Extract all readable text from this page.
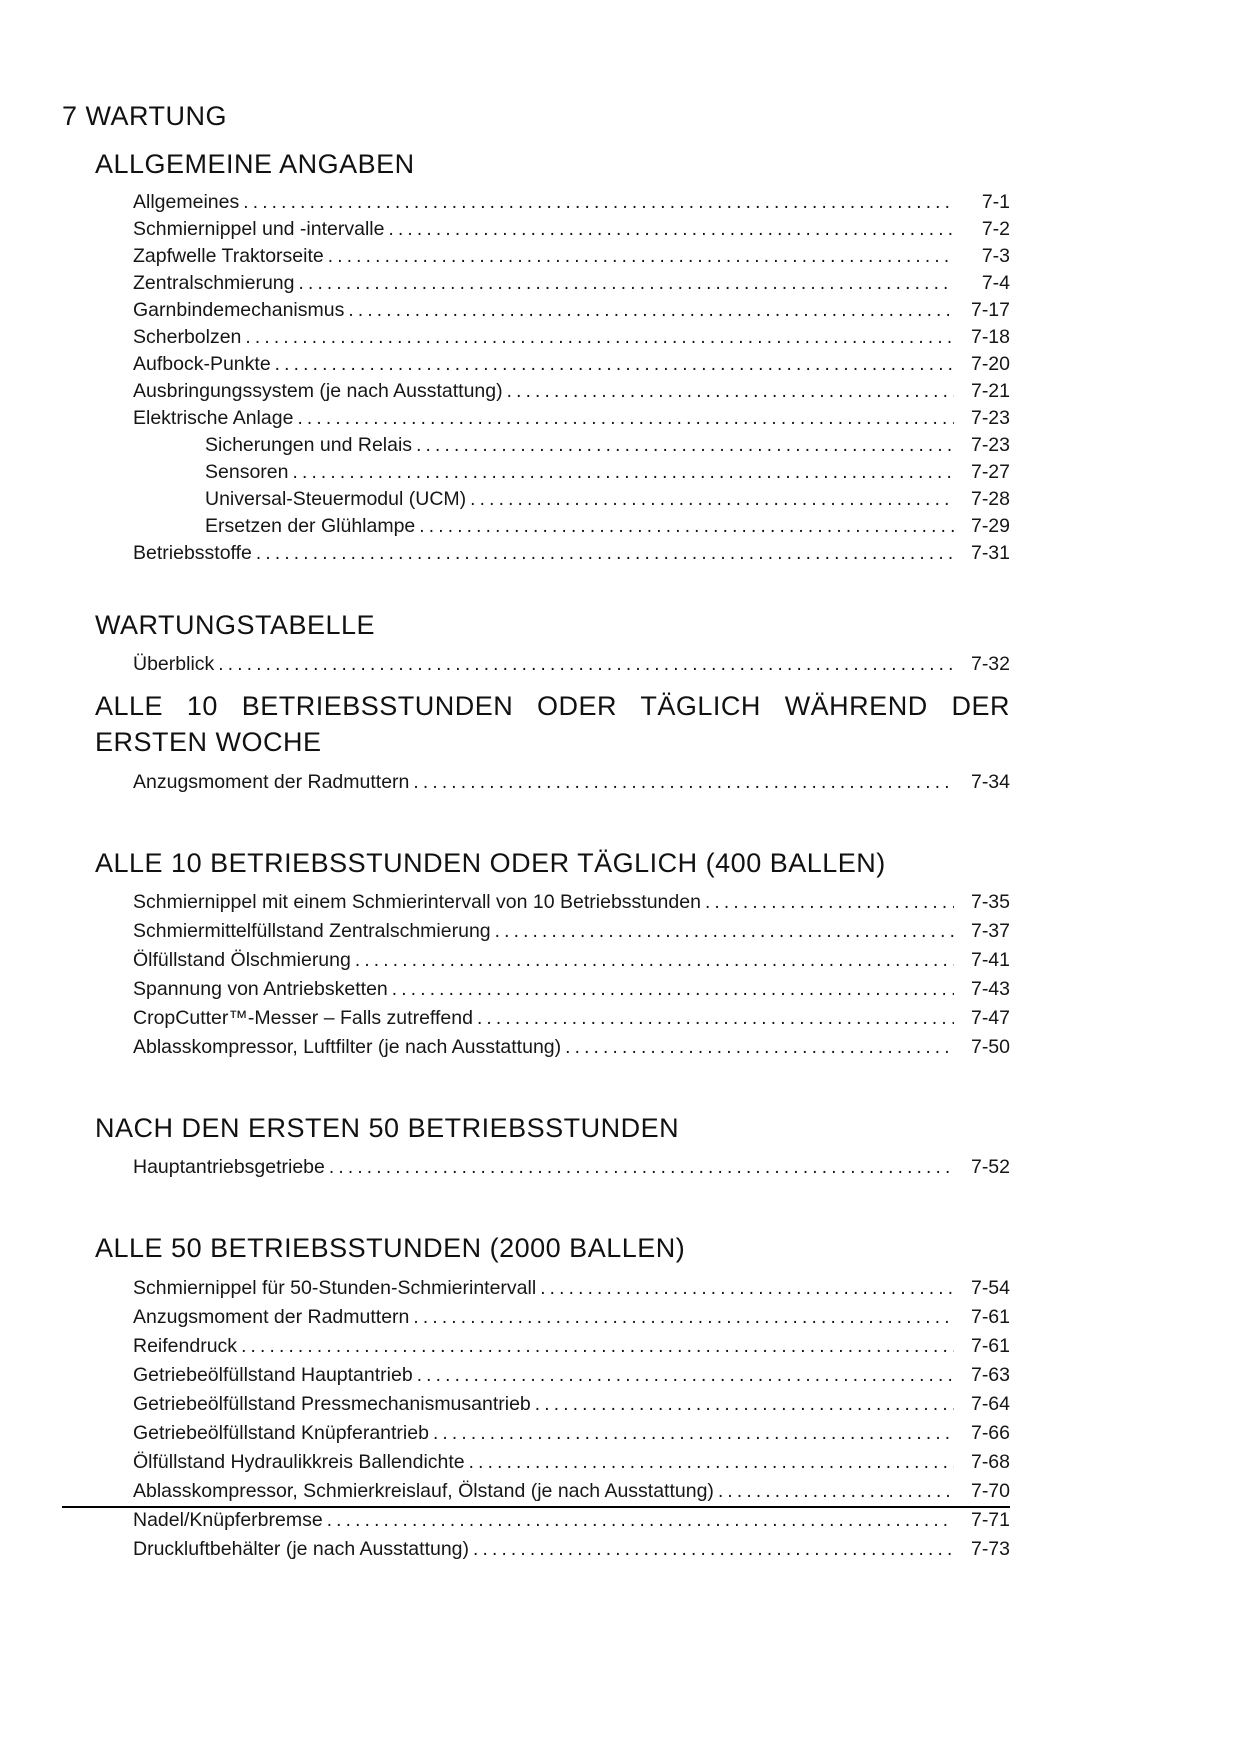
7 WARTUNG
ALLGEMEINE ANGABEN
Allgemeines .....	7-1
Schmiernippel und -intervalle .....	7-2
Zapfwelle Traktorseite .....	7-3
Zentralschmierung .....	7-4
Garnbindemechanismus .....	7-17
Scherbolzen .....	7-18
Aufbock-Punkte .....	7-20
Ausbringungssystem (je nach Ausstattung) .....	7-21
Elektrische Anlage .....	7-23
Sicherungen und Relais .....	7-23
Sensoren .....	7-27
Universal-Steuermodul (UCM) .....	7-28
Ersetzen der Glühlampe .....	7-29
Betriebsstoffe .....	7-31
WARTUNGSTABELLE
Überblick .....	7-32
ALLE 10 BETRIEBSSTUNDEN ODER TÄGLICH WÄHREND DER ERSTEN WOCHE
Anzugsmoment der Radmuttern .....	7-34
ALLE 10 BETRIEBSSTUNDEN ODER TÄGLICH (400 BALLEN)
Schmiernippel mit einem Schmierintervall von 10 Betriebsstunden .....	7-35
Schmiermittelfüllstand Zentralschmierung .....	7-37
Ölfüllstand Ölschmierung .....	7-41
Spannung von Antriebsketten .....	7-43
CropCutter™-Messer – Falls zutreffend .....	7-47
Ablasskompressor, Luftfilter (je nach Ausstattung) .....	7-50
NACH DEN ERSTEN 50 BETRIEBSSTUNDEN
Hauptantriebsgetriebe .....	7-52
ALLE 50 BETRIEBSSTUNDEN (2000 BALLEN)
Schmiernippel für 50-Stunden-Schmierintervall .....	7-54
Anzugsmoment der Radmuttern .....	7-61
Reifendruck .....	7-61
Getriebeölfüllstand Hauptantrieb .....	7-63
Getriebeölfüllstand Pressmechanismusantrieb .....	7-64
Getriebeölfüllstand Knüpferantrieb .....	7-66
Ölfüllstand Hydraulikkreis Ballendichte .....	7-68
Ablasskompressor, Schmierkreislauf, Ölstand (je nach Ausstattung) .....	7-70
Nadel/Knüpferbremse .....	7-71
Druckluftbehälter (je nach Ausstattung) .....	7-73
